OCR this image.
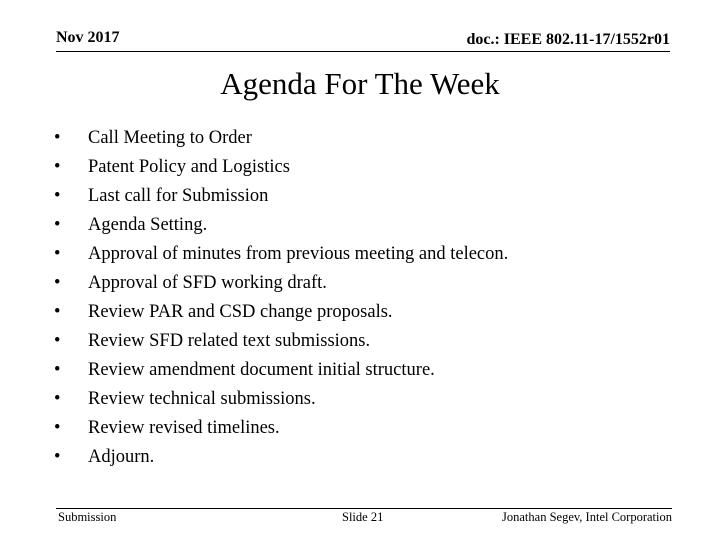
Nov 2017	doc.: IEEE 802.11-17/1552r01
Agenda For The Week
• Call Meeting to Order
• Patent Policy and Logistics
• Last call for Submission
• Agenda Setting.
• Approval of minutes from previous meeting and telecon.
• Approval of SFD working draft.
• Review PAR and CSD change proposals.
• Review SFD related text submissions.
• Review amendment document initial structure.
• Review technical submissions.
• Review revised timelines.
• Adjourn.
Submission	Slide 21	Jonathan Segev, Intel Corporation
